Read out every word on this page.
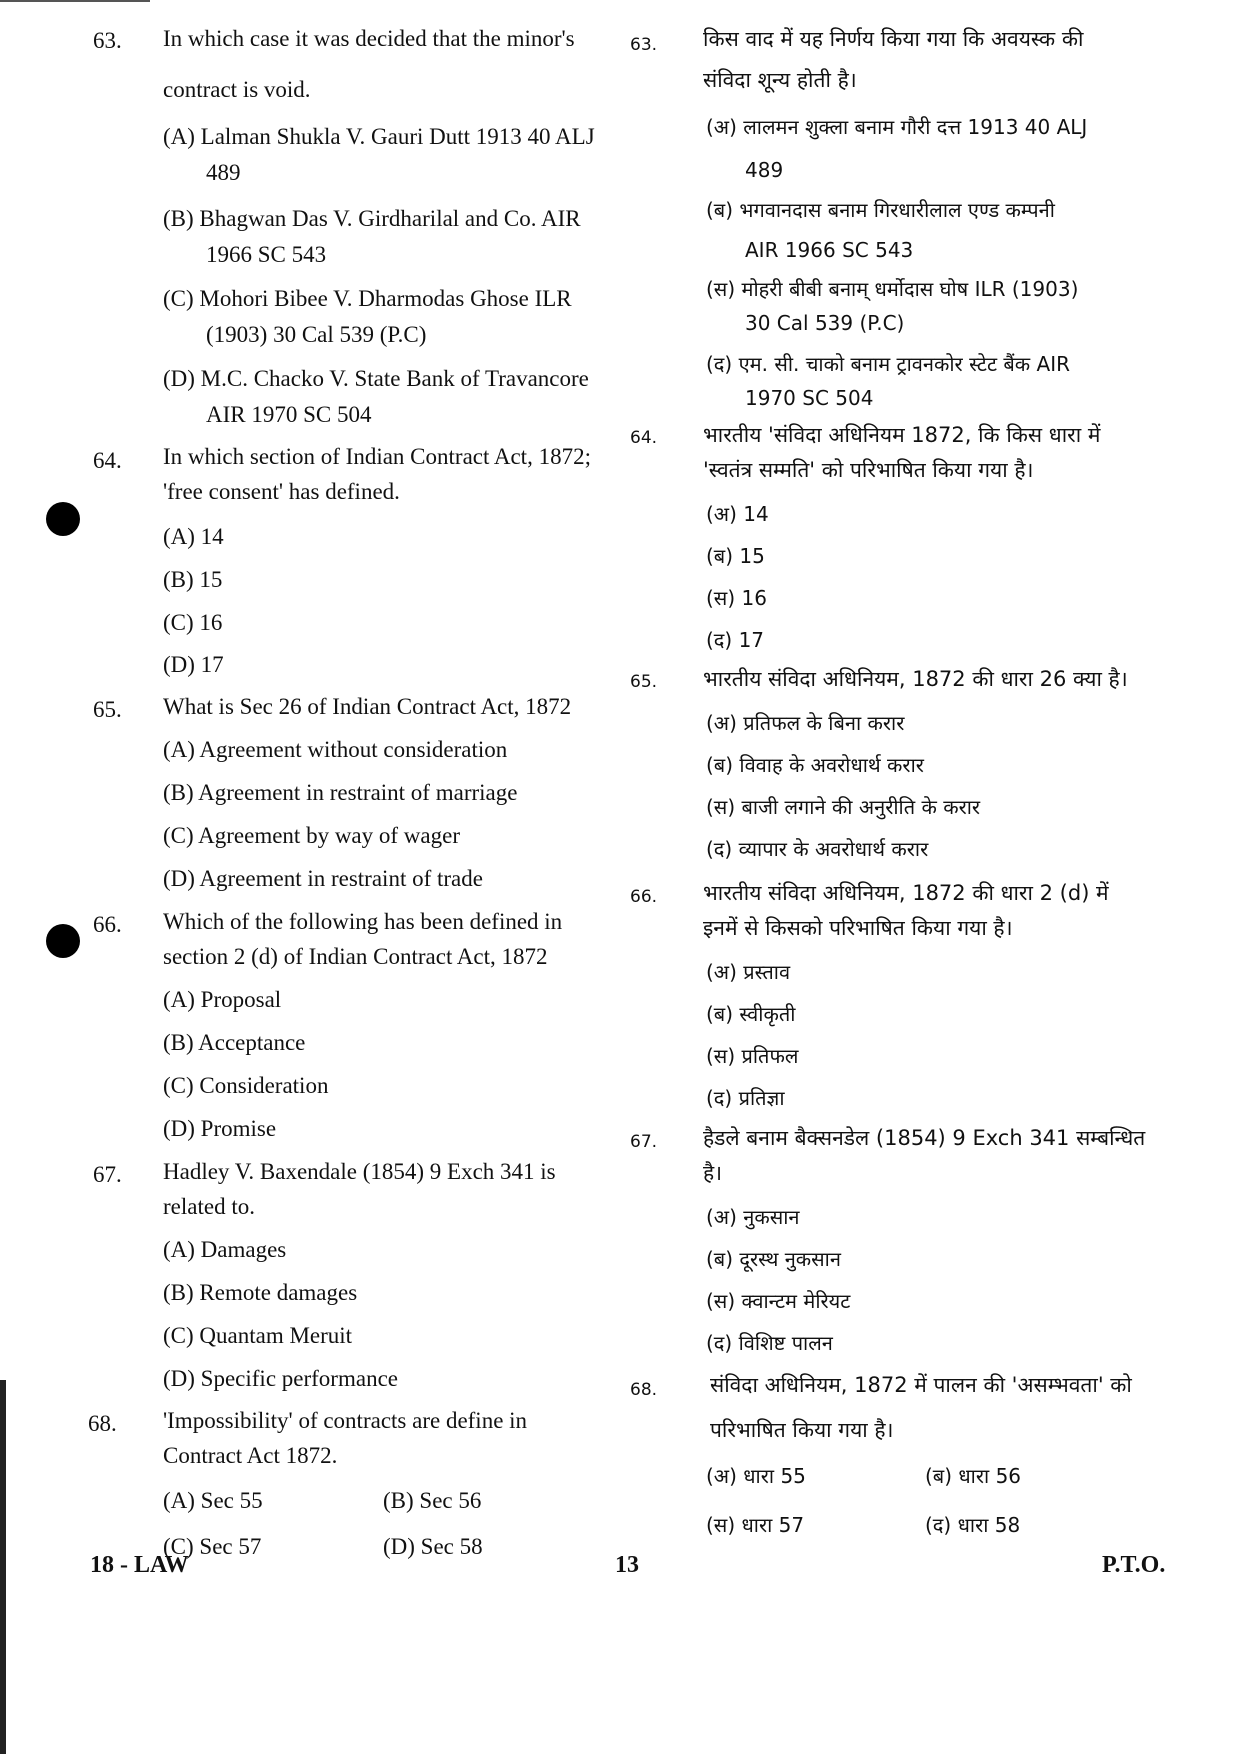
63. In which case it was decided that the minor's
contract is void.
(A) Lalman Shukla V. Gauri Dutt 1913 40 ALJ
489
(B) Bhagwan Das V. Girdharilal and Co. AIR
1966 SC 543
(C) Mohori Bibee V. Dharmodas Ghose ILR
(1903) 30 Cal 539 (P.C)
(D) M.C. Chacko V. State Bank of Travancore
AIR 1970 SC 504
64. In which section of Indian Contract Act, 1872;
'free consent' has defined.
(A) 14
(B) 15
(C) 16
(D) 17
65. What is Sec 26 of Indian Contract Act, 1872
(A) Agreement without consideration
(B) Agreement in restraint of marriage
(C) Agreement by way of wager
(D) Agreement in restraint of trade
66. Which of the following has been defined in
section 2 (d) of Indian Contract Act, 1872
(A) Proposal
(B) Acceptance
(C) Consideration
(D) Promise
67. Hadley V. Baxendale (1854) 9 Exch 341 is
related to.
(A) Damages
(B) Remote damages
(C) Quantam Meruit
(D) Specific performance
68. 'Impossibility' of contracts are define in
Contract Act 1872.
(A) Sec 55	(B) Sec 56
(C) Sec 57	(D) Sec 58
63. किस वाद में यह निर्णय किया गया कि अवयस्क की
संविदा शून्य होती है।
(अ) लालमन शुक्ला बनाम गौरी दत्त 1913 40 ALJ
489
(ब) भगवानदास बनाम गिरधारीलाल एण्ड कम्पनी
AIR 1966 SC 543
(स) मोहरी बीबी बनाम् धर्मोदास घोष ILR (1903)
30 Cal 539 (P.C)
(द) एम. सी. चाको बनाम ट्रावनकोर स्टेट बैंक AIR
1970 SC 504
64. भारतीय 'संविदा अधिनियम 1872, कि किस धारा में
'स्वतंत्र सम्मति' को परिभाषित किया गया है।
(अ) 14
(ब) 15
(स) 16
(द) 17
65. भारतीय संविदा अधिनियम, 1872 की धारा 26 क्या है।
(अ) प्रतिफल के बिना करार
(ब) विवाह के अवरोधार्थ करार
(स) बाजी लगाने की अनुरीति के करार
(द) व्यापार के अवरोधार्थ करार
66. भारतीय संविदा अधिनियम, 1872 की धारा 2 (d) में
इनमें से किसको परिभाषित किया गया है।
(अ) प्रस्ताव
(ब) स्वीकृती
(स) प्रतिफल
(द) प्रतिज्ञा
67. हैडले बनाम बैक्सनडेल (1854) 9 Exch 341 सम्बन्धित
है।
(अ) नुकसान
(ब) दूरस्थ नुकसान
(स) क्वान्टम मेरियट
(द) विशिष्ट पालन
68.	संविदा अधिनियम, 1872 में पालन की 'असम्भवता' को
परिभाषित किया गया है।
(अ) धारा 55	(ब) धारा 56
(स) धारा 57	(द) धारा 58
18 - LAW	13	P.T.O.
